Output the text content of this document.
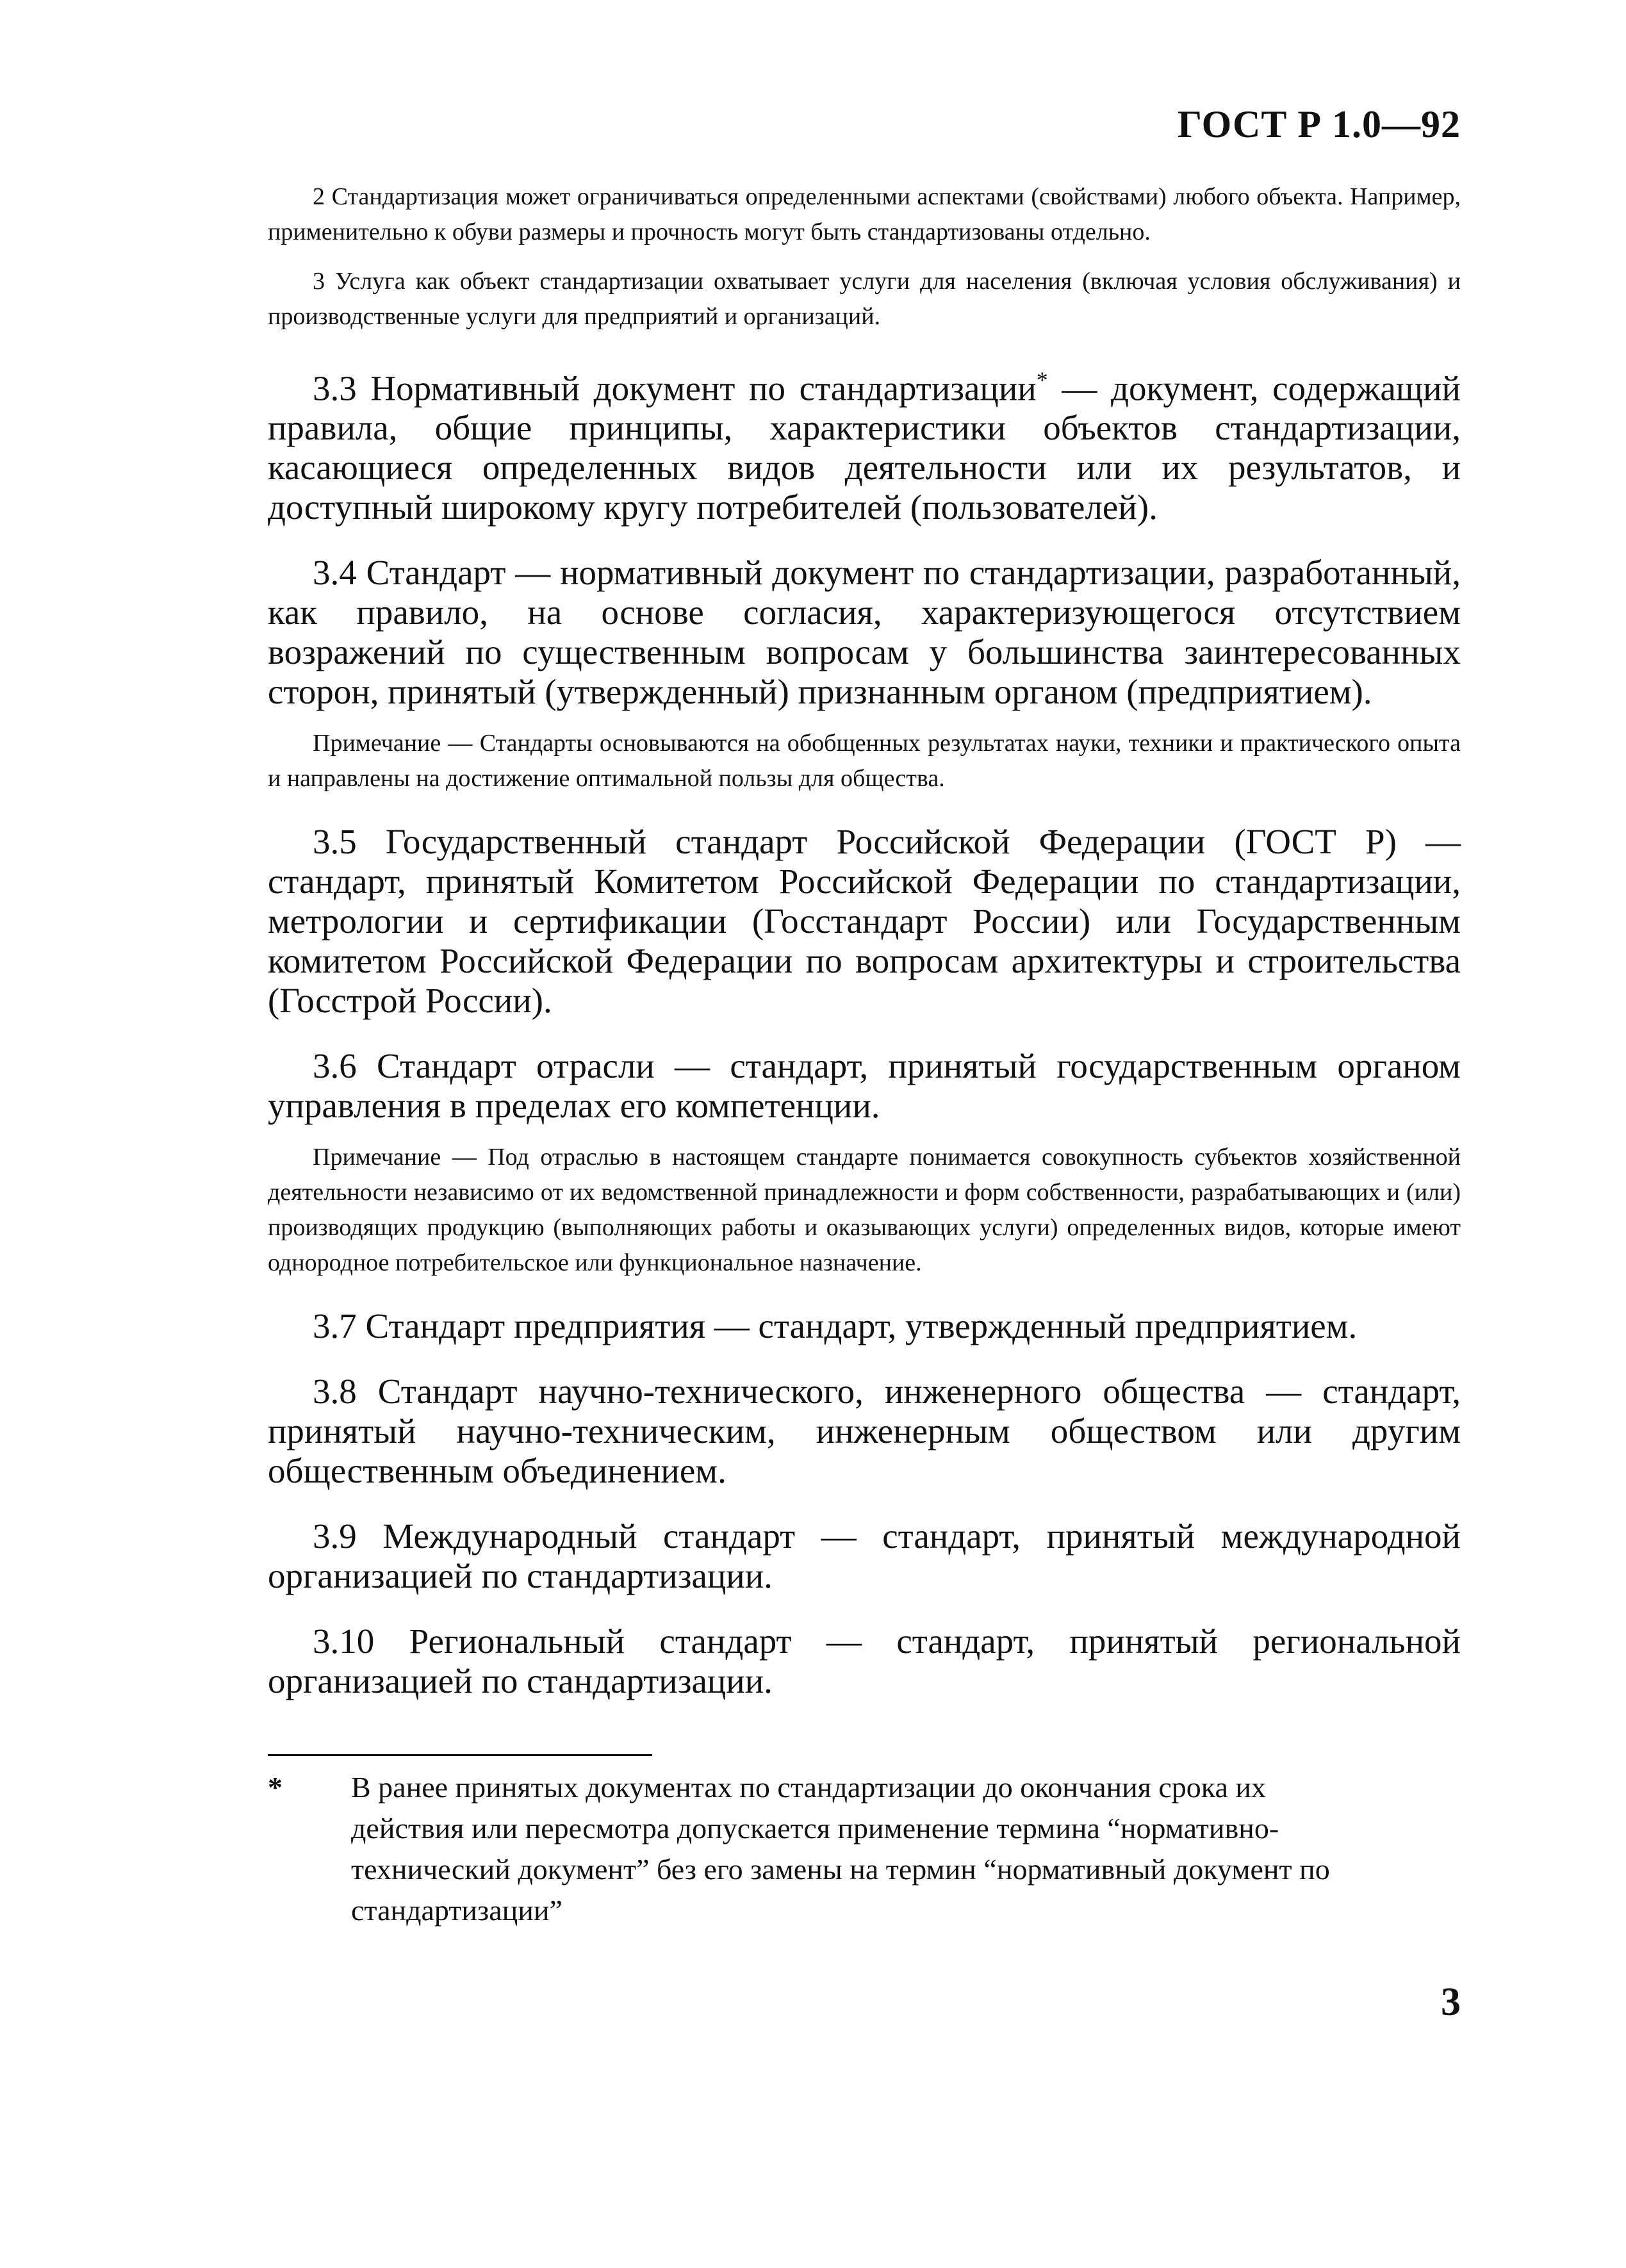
ГОСТ Р 1.0—92

2 Стандартизация может ограничиваться определенными аспектами (свойствами) любого объекта. Например, применительно к обуви размеры и прочность могут быть стандартизованы отдельно.

3 Услуга как объект стандартизации охватывает услуги для населения (включая условия обслуживания) и производственные услуги для предприятий и организаций.

3.3 Нормативный документ по стандартизации* — документ, содержащий правила, общие принципы, характеристики объектов стандартизации, касающиеся определенных видов деятельности или их результатов, и доступный широкому кругу потребителей (пользователей).

3.4 Стандарт — нормативный документ по стандартизации, разработанный, как правило, на основе согласия, характеризующегося отсутствием возражений по существенным вопросам у большинства заинтересованных сторон, принятый (утвержденный) признанным органом (предприятием).

Примечание — Стандарты основываются на обобщенных результатах науки, техники и практического опыта и направлены на достижение оптимальной пользы для общества.

3.5 Государственный стандарт Российской Федерации (ГОСТ Р) — стандарт, принятый Комитетом Российской Федерации по стандартизации, метрологии и сертификации (Госстандарт России) или Государственным комитетом Российской Федерации по вопросам архитектуры и строительства (Госстрой России).

3.6 Стандарт отрасли — стандарт, принятый государственным органом управления в пределах его компетенции.

Примечание — Под отраслью в настоящем стандарте понимается совокупность субъектов хозяйственной деятельности независимо от их ведомственной принадлежности и форм собственности, разрабатывающих и (или) производящих продукцию (выполняющих работы и оказывающих услуги) определенных видов, которые имеют однородное потребительское или функциональное назначение.

3.7 Стандарт предприятия — стандарт, утвержденный предприятием.

3.8 Стандарт научно-технического, инженерного общества — стандарт, принятый научно-техническим, инженерным обществом или другим общественным объединением.

3.9 Международный стандарт — стандарт, принятый международной организацией по стандартизации.

3.10 Региональный стандарт — стандарт, принятый региональной организацией по стандартизации.

*	В ранее принятых документах по стандартизации до окончания срока их действия или пересмотра допускается применение термина “нормативно-технический документ” без его замены на термин “нормативный документ по стандартизации”
3
